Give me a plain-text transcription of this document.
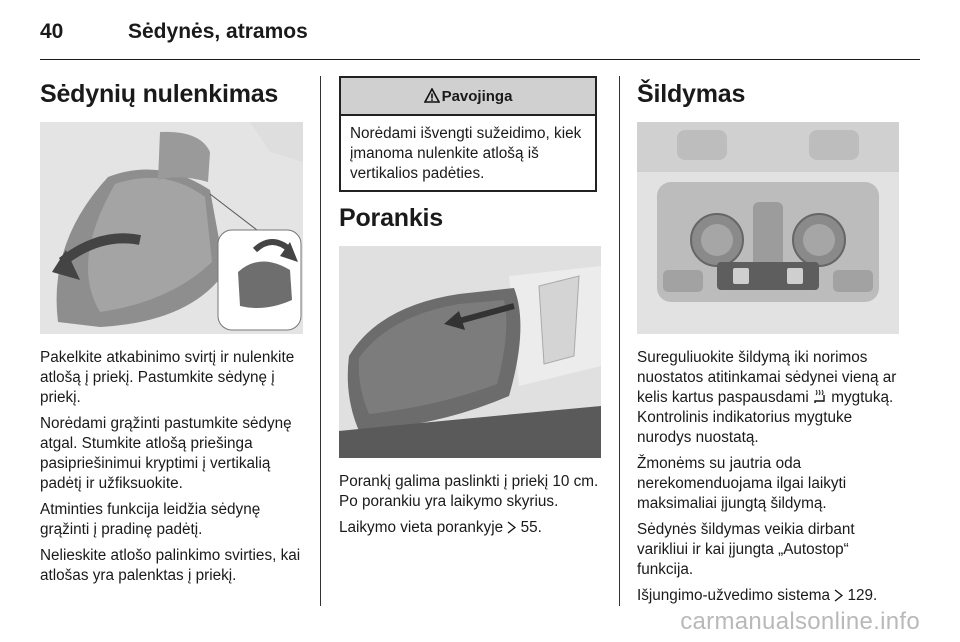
40	Sėdynės, atramos
Sėdynių nulenkimas

Pakelkite atkabinimo svirtį ir nulenkite atlošą į priekį. Pastumkite sėdynę į priekį.

Norėdami grąžinti pastumkite sėdynę atgal. Stumkite atlošą priešinga pasipriešinimui kryptimi į vertikalią padėtį ir užfiksuokite.

Atminties funkcija leidžia sėdynę grąžinti į pradinę padėtį.

Nelieskite atlošo palinkimo svirties, kai atlošas yra palenktas į priekį.

Pavojinga

Norėdami išvengti sužeidimo, kiek įmanoma nulenkite atlošą iš vertikalios padėties.

Porankis

Porankį galima paslinkti į priekį 10 cm. Po porankiu yra laikymo skyrius.

Laikymo vieta porankyje 55.

Šildymas

Sureguliuokite šildymą iki norimos nuostatos atitinkamai sėdynei vieną ar kelis kartus paspausdami mygtuką. Kontrolinis indikatorius mygtuke nurodys nuostatą.

Žmonėms su jautria oda nerekomenduojama ilgai laikyti maksimaliai įjungtą šildymą.

Sėdynės šildymas veikia dirbant varikliui ir kai įjungta „Autostop“ funkcija.

Išjungimo-užvedimo sistema 129.

carmanualsonline.info
